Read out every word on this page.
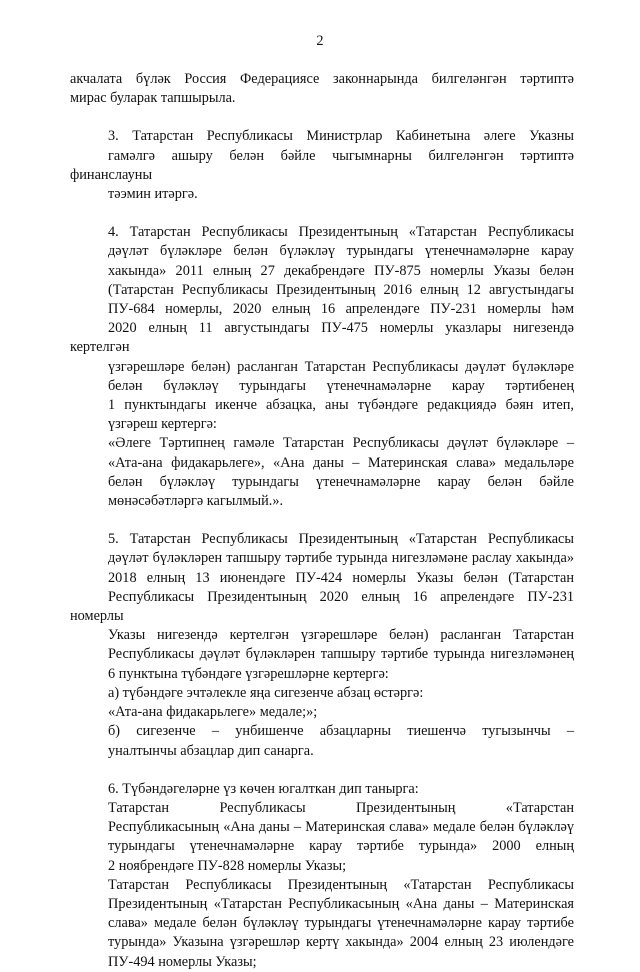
2

акчалата бүләк Россия Федерациясе законнарында билгеләнгән тәртиптә
мирас буларак тапшырыла.

3. Татарстан Республикасы Министрлар Кабинетына әлеге Указны
гамәлгә ашыру белән бәйле чыгымнарны билгеләнгән тәртиптә финанслауны
тәэмин итәргә.

4. Татарстан Республикасы Президентының «Татарстан Республикасы
дәүләт бүләкләре белән бүләкләү турындагы үтенечнамәләрне карау
хакында» 2011 елның 27 декабрендәге ПУ-875 номерлы Указы белән
(Татарстан Республикасы Президентының 2016 елның 12 августындагы
ПУ-684 номерлы, 2020 елның 16 апрелендәге ПУ-231 номерлы һәм
2020 елның 11 августындагы ПУ-475 номерлы указлары нигезендә кертелгән
үзгәрешләре белән) расланган Татарстан Республикасы дәүләт бүләкләре
белән бүләкләү турындагы үтенечнамәләрне карау тәртибенең
1 пунктындагы икенче абзацка, аны түбәндәге редакциядә бәян итеп,
үзгәреш кертергә:

«Әлеге Тәртипнең гамәле Татарстан Республикасы дәүләт бүләкләре –
«Ата-ана фидакарьлеге», «Ана даны – Материнская слава» медальләре
белән бүләкләү турындагы үтенечнамәләрне карау белән бәйле
мөнәсәбәтләргә кагылмый.».

5. Татарстан Республикасы Президентының «Татарстан Республикасы
дәүләт бүләкләрен тапшыру тәртибе турында нигезләмәне раслау хакында»
2018 елның 13 июнендәге ПУ-424 номерлы Указы белән (Татарстан
Республикасы Президентының 2020 елның 16 апрелендәге ПУ-231 номерлы
Указы нигезендә кертелгән үзгәрешләре белән) расланган Татарстан
Республикасы дәүләт бүләкләрен тапшыру тәртибе турында нигезләмәнең
6 пунктына түбәндәге үзгәрешләрне кертергә:

а) түбәндәге эчтәлекле яңа сигезенче абзац өстәргә:

«Ата-ана фидакарьлеге» медале;»;

б) сигезенче – унбишенче абзацларны тиешенчә тугызынчы –
уналтынчы абзацлар дип санарга.

6. Түбәндәгеләрне үз көчен югалткан дип танырга:

Татарстан Республикасы Президентының «Татарстан
Республикасының «Ана даны – Материнская слава» медале белән бүләкләү
турындагы үтенечнамәләрне карау тәртибе турында» 2000 елның
2 ноябрендәге ПУ-828 номерлы Указы;

Татарстан Республикасы Президентының «Татарстан Республикасы
Президентының «Татарстан Республикасының «Ана даны – Материнская
слава» медале белән бүләкләү турындагы үтенечнамәләрне карау тәртибе
турында» Указына үзгәрешләр кертү хакында» 2004 елның 23 июлендәге
ПУ-494 номерлы Указы;
